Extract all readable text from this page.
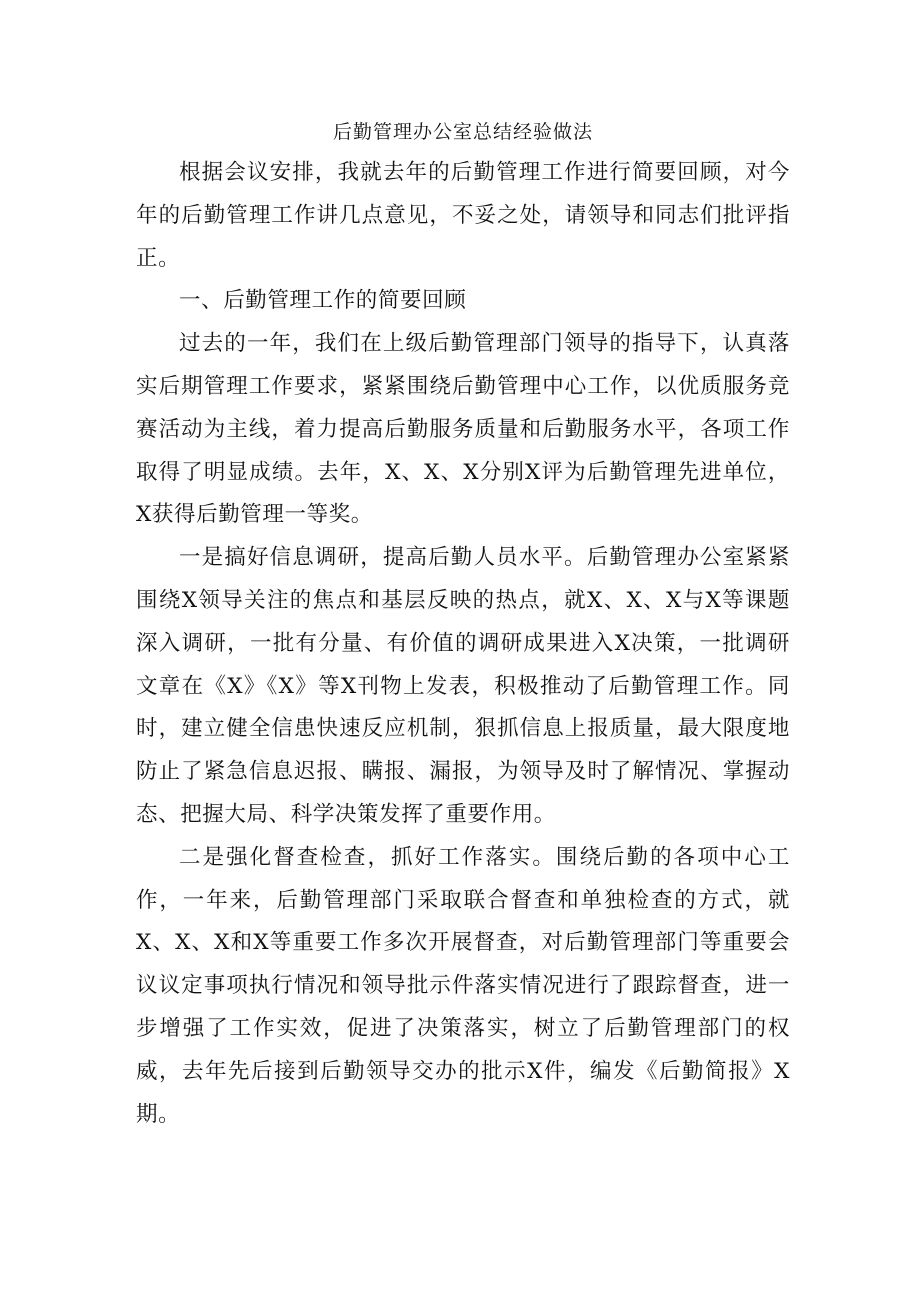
后勤管理办公室总结经验做法

根据会议安排，我就去年的后勤管理工作进行简要回顾，对今年的后勤管理工作讲几点意见，不妥之处，请领导和同志们批评指正。

一、后勤管理工作的简要回顾

过去的一年，我们在上级后勤管理部门领导的指导下，认真落实后期管理工作要求，紧紧围绕后勤管理中心工作，以优质服务竞赛活动为主线，着力提高后勤服务质量和后勤服务水平，各项工作取得了明显成绩。去年，X、X、X分别X评为后勤管理先进单位，X获得后勤管理一等奖。

一是搞好信息调研，提高后勤人员水平。后勤管理办公室紧紧围绕X领导关注的焦点和基层反映的热点，就X、X、X与X等课题深入调研，一批有分量、有价值的调研成果进入X决策，一批调研文章在《X》《X》等X刊物上发表，积极推动了后勤管理工作。同时，建立健全信患快速反应机制，狠抓信息上报质量，最大限度地防止了紧急信息迟报、瞒报、漏报，为领导及时了解情况、掌握动态、把握大局、科学决策发挥了重要作用。

二是强化督查检查，抓好工作落实。围绕后勤的各项中心工作，一年来，后勤管理部门采取联合督查和单独检查的方式，就X、X、X和X等重要工作多次开展督查，对后勤管理部门等重要会议议定事项执行情况和领导批示件落实情况进行了跟踪督查，进一步增强了工作实效，促进了决策落实，树立了后勤管理部门的权威，去年先后接到后勤领导交办的批示X件，编发《后勤简报》X期。
